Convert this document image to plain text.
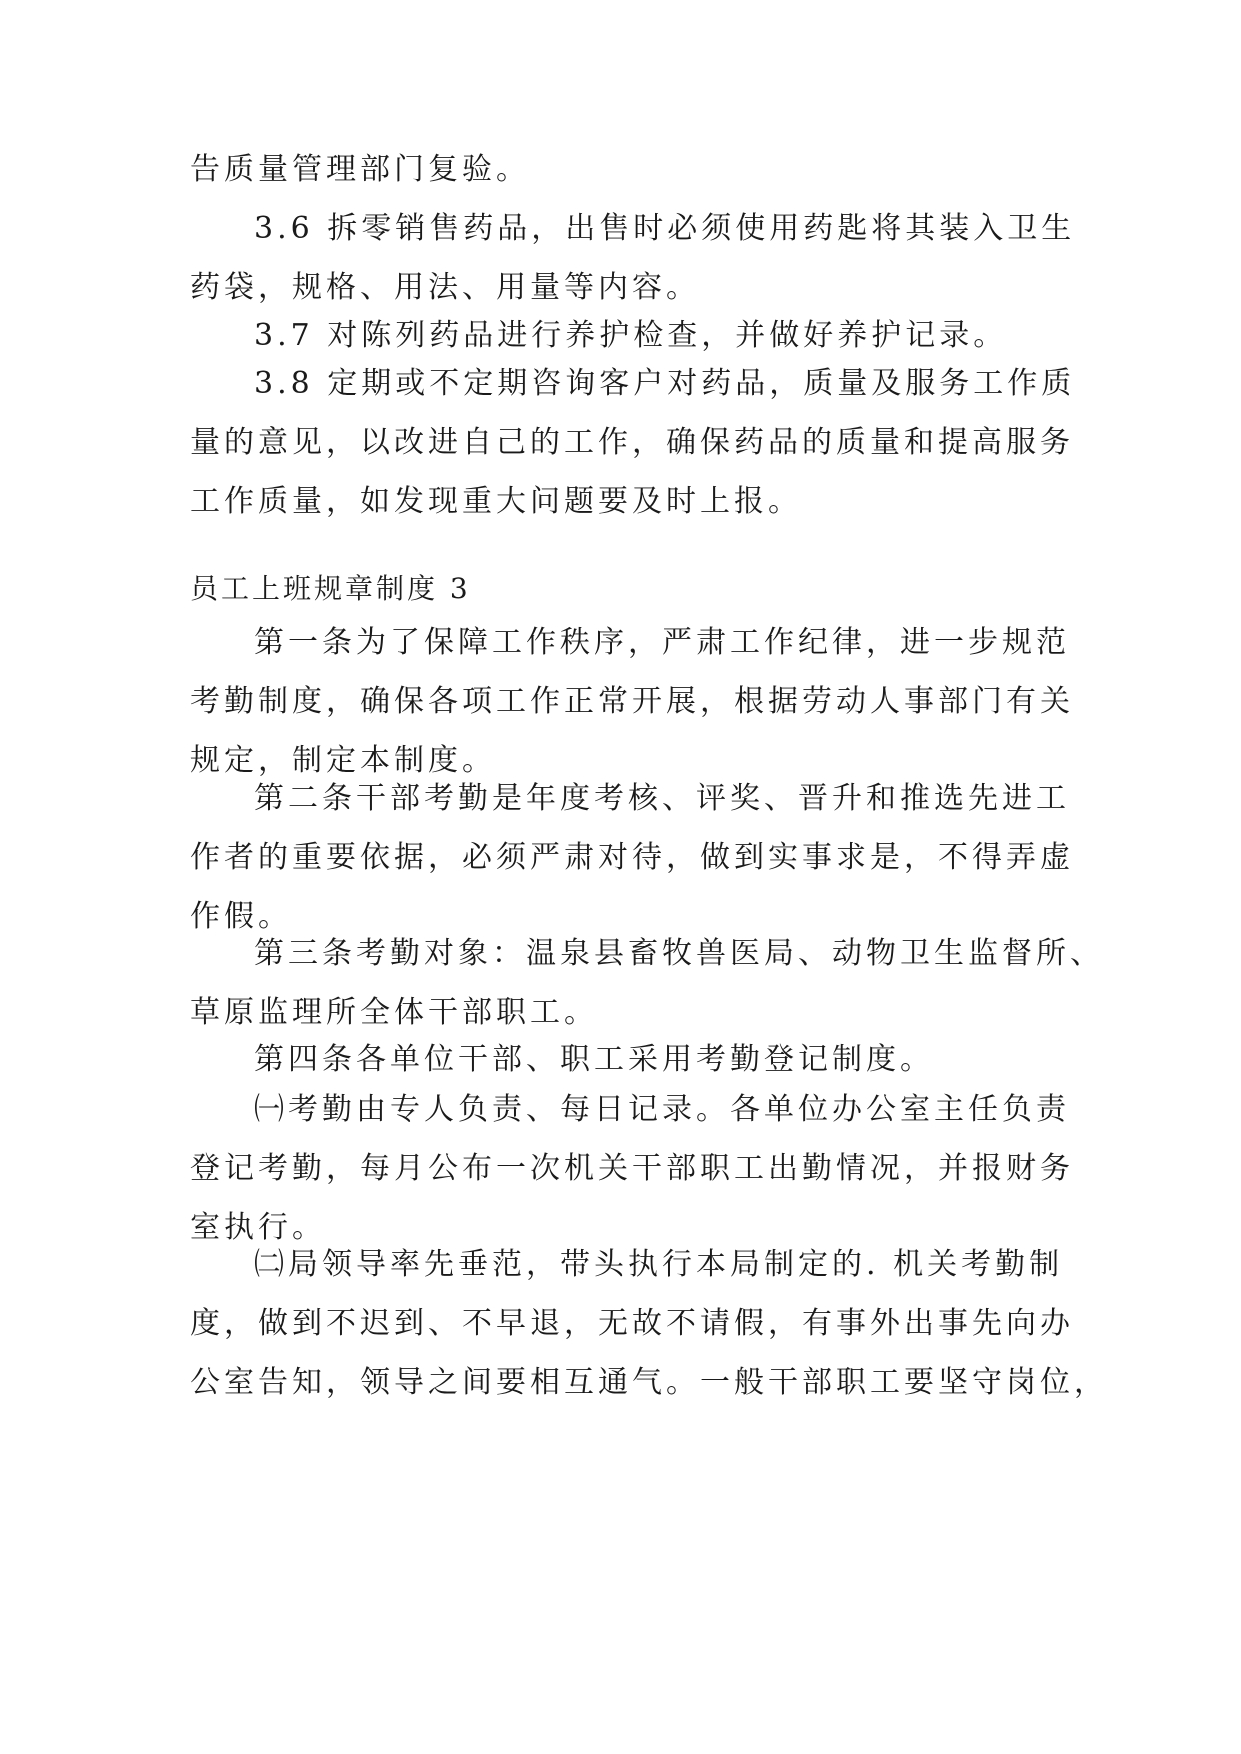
告质量管理部门复验。

3.6 拆零销售药品，出售时必须使用药匙将其装入卫生
药袋，规格、用法、用量等内容。

3.7 对陈列药品进行养护检查，并做好养护记录。

3.8 定期或不定期咨询客户对药品，质量及服务工作质
量的意见，以改进自己的工作，确保药品的质量和提高服务
工作质量，如发现重大问题要及时上报。

员工上班规章制度 3

第一条为了保障工作秩序，严肃工作纪律，进一步规范
考勤制度，确保各项工作正常开展，根据劳动人事部门有关
规定，制定本制度。

第二条干部考勤是年度考核、评奖、晋升和推选先进工
作者的重要依据，必须严肃对待，做到实事求是，不得弄虚
作假。

第三条考勤对象：温泉县畜牧兽医局、动物卫生监督所、
草原监理所全体干部职工。

第四条各单位干部、职工采用考勤登记制度。

㈠考勤由专人负责、每日记录。各单位办公室主任负责
登记考勤，每月公布一次机关干部职工出勤情况，并报财务
室执行。

㈡局领导率先垂范，带头执行本局制定的. 机关考勤制
度，做到不迟到、不早退，无故不请假，有事外出事先向办
公室告知，领导之间要相互通气。一般干部职工要坚守岗位，
